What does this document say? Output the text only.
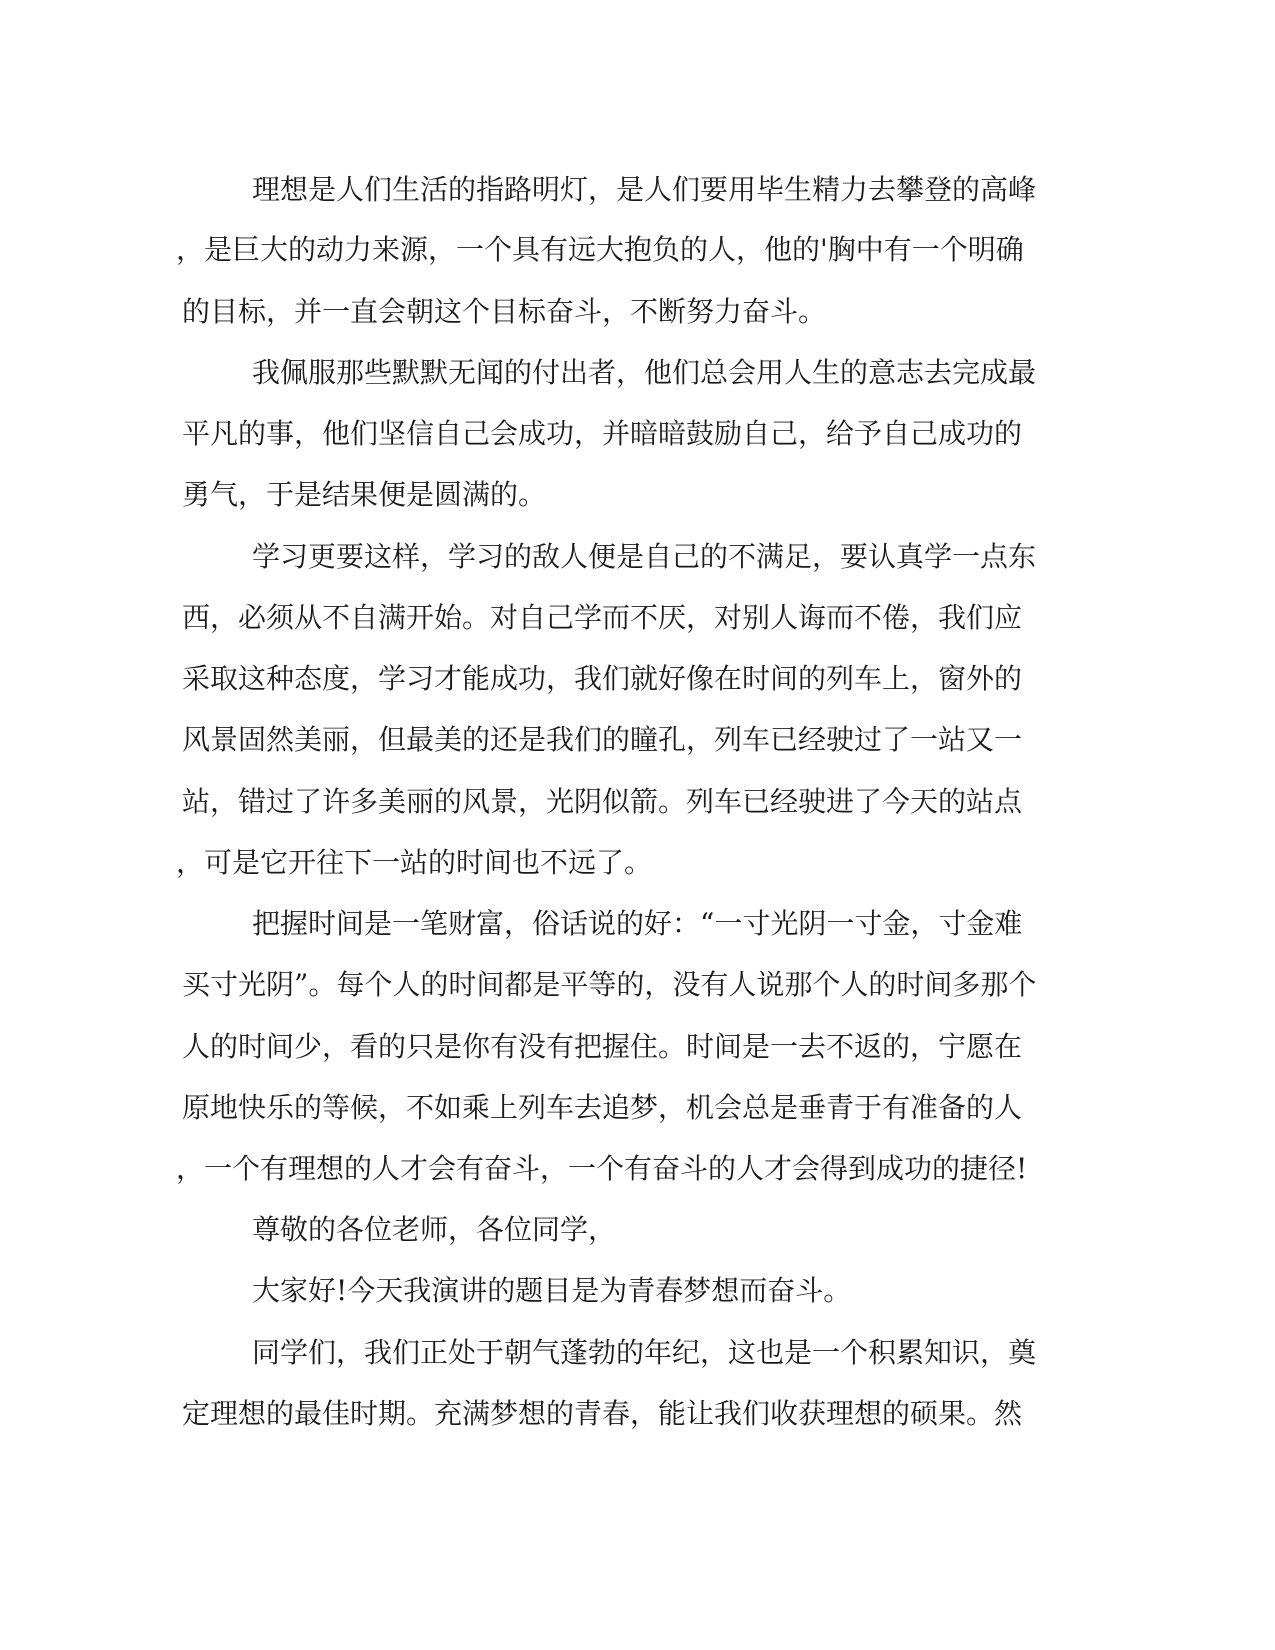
理想是人们生活的指路明灯，是人们要用毕生精力去攀登的高峰

，是巨大的动力来源，一个具有远大抱负的人，他的'胸中有一个明确

的目标，并一直会朝这个目标奋斗，不断努力奋斗。

我佩服那些默默无闻的付出者，他们总会用人生的意志去完成最

平凡的事，他们坚信自己会成功，并暗暗鼓励自己，给予自己成功的

勇气，于是结果便是圆满的。

学习更要这样，学习的敌人便是自己的不满足，要认真学一点东

西，必须从不自满开始。对自己学而不厌，对别人诲而不倦，我们应

采取这种态度，学习才能成功，我们就好像在时间的列车上，窗外的

风景固然美丽，但最美的还是我们的瞳孔，列车已经驶过了一站又一

站，错过了许多美丽的风景，光阴似箭。列车已经驶进了今天的站点

，可是它开往下一站的时间也不远了。

把握时间是一笔财富，俗话说的好：“一寸光阴一寸金，寸金难

买寸光阴”。每个人的时间都是平等的，没有人说那个人的时间多那个

人的时间少，看的只是你有没有把握住。时间是一去不返的，宁愿在

原地快乐的等候，不如乘上列车去追梦，机会总是垂青于有准备的人

，一个有理想的人才会有奋斗，一个有奋斗的人才会得到成功的捷径!

尊敬的各位老师，各位同学，

大家好!今天我演讲的题目是为青春梦想而奋斗。

同学们，我们正处于朝气蓬勃的年纪，这也是一个积累知识，奠

定理想的最佳时期。充满梦想的青春，能让我们收获理想的硕果。然
